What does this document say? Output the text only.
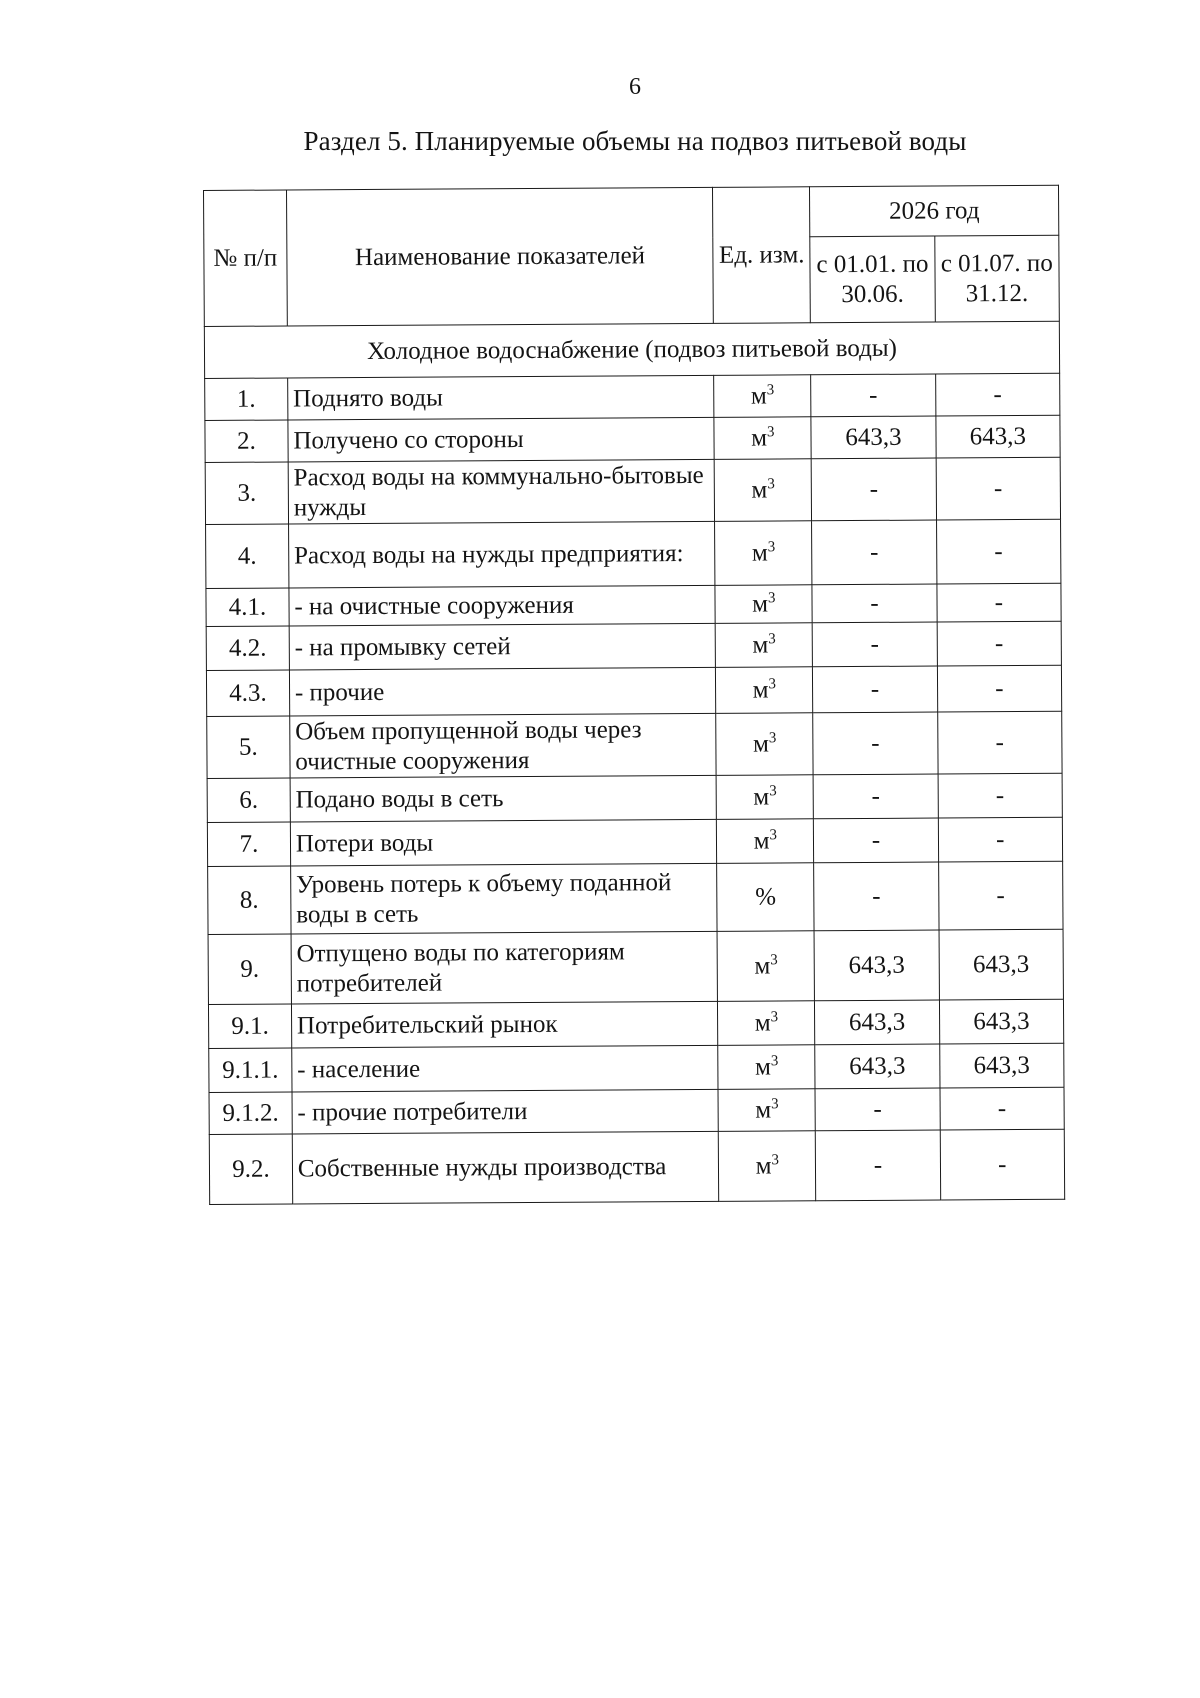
6
Раздел 5. Планируемые объемы на подвоз питьевой воды
№ п/п	Наименование показателей	Ед. изм.	2026 год	
			с 01.01. по 30.06.	с 01.07. по 31.12.
Холодное водоснабжение (подвоз питьевой воды)				
1.	Поднято воды	$м^3$	-	-
2.	Получено со стороны	$м^3$	643,3	643,3
3.	Расход воды на коммунально-бытовые нужды	$м^3$	-	-
4.	Расход воды на нужды предприятия:	$м^3$	-	-
4.1.	- на очистные сооружения	$м^3$	-	-
4.2.	- на промывку сетей	$м^3$	-	-
4.3.	- прочие	$м^3$	-	-
5.	Объем пропущенной воды через очистные сооружения	$м^3$	-	-
6.	Подано воды в сеть	$м^3$	-	-
7.	Потери воды	$м^3$	-	-
8.	Уровень потерь к объему поданной воды в сеть	%	-	-
9.	Отпущено воды по категориям потребителей	$м^3$	643,3	643,3
9.1.	Потребительский рынок	$м^3$	643,3	643,3
9.1.1.	- население	$м^3$	643,3	643,3
9.1.2.	- прочие потребители	$м^3$	-	-
9.2.	Собственные нужды производства	$м^3$	-	-
